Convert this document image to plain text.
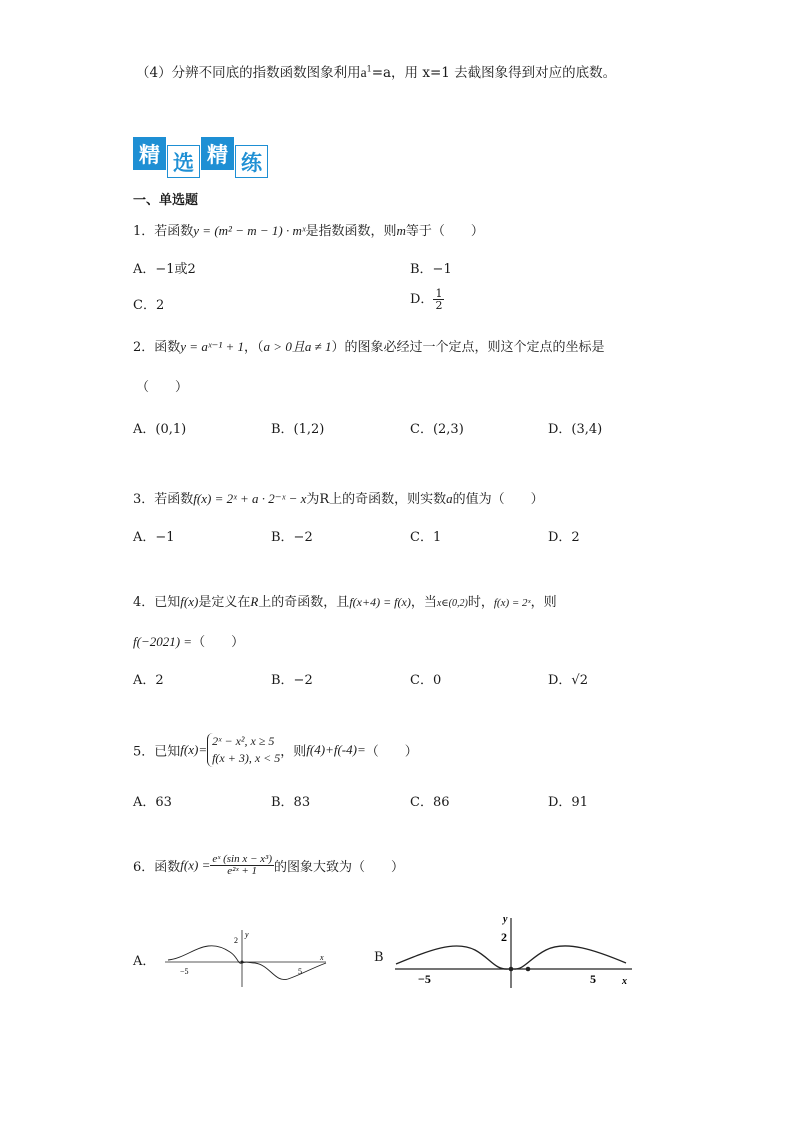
（4）分辨不同底的指数函数图象利用$a^1=a$，用 x=1 去截图象得到对应的底数。
精 选 精 练
一、单选题
1．若函数y = (m² − m − 1) · mˣ是指数函数，则m等于（　　）
A．−1或2	B．−1
C．2	D． $\frac{1}{2}$
2．函数y = aˣ⁻¹ + 1，（a > 0且a ≠ 1）的图象必经过一个定点，则这个定点的坐标是
（　　）
A．(0,1)	B．(1,2)	C．(2,3)	D．(3,4)
3．若函数f(x) = 2ˣ + a · 2⁻ˣ − x为R上的奇函数，则实数a的值为（　　）
A．−1	B．−2	C．1	D．2
4．已知f(x)是定义在R上的奇函数，且f(x+4) = f(x)，当x∈(0,2)时，f(x) = 2ˣ，则
f(−2021) =（　　）
A．2	B．−2	C．0	D．√2
5．已知f(x)=
2ˣ − x², x ≥ 5
f(x + 3), x < 5 ，则f(4)+f(-4)=（　　）
A．63	B．83	C．86	D．91
6．函数$f(x) = \frac{\text{eˣ (sin x − x³)}}{\text{e²ˣ + 1}}$ 的图象大致为（　　）
A．
2
y
−5	5
x	B
2
y
−5	5	x
